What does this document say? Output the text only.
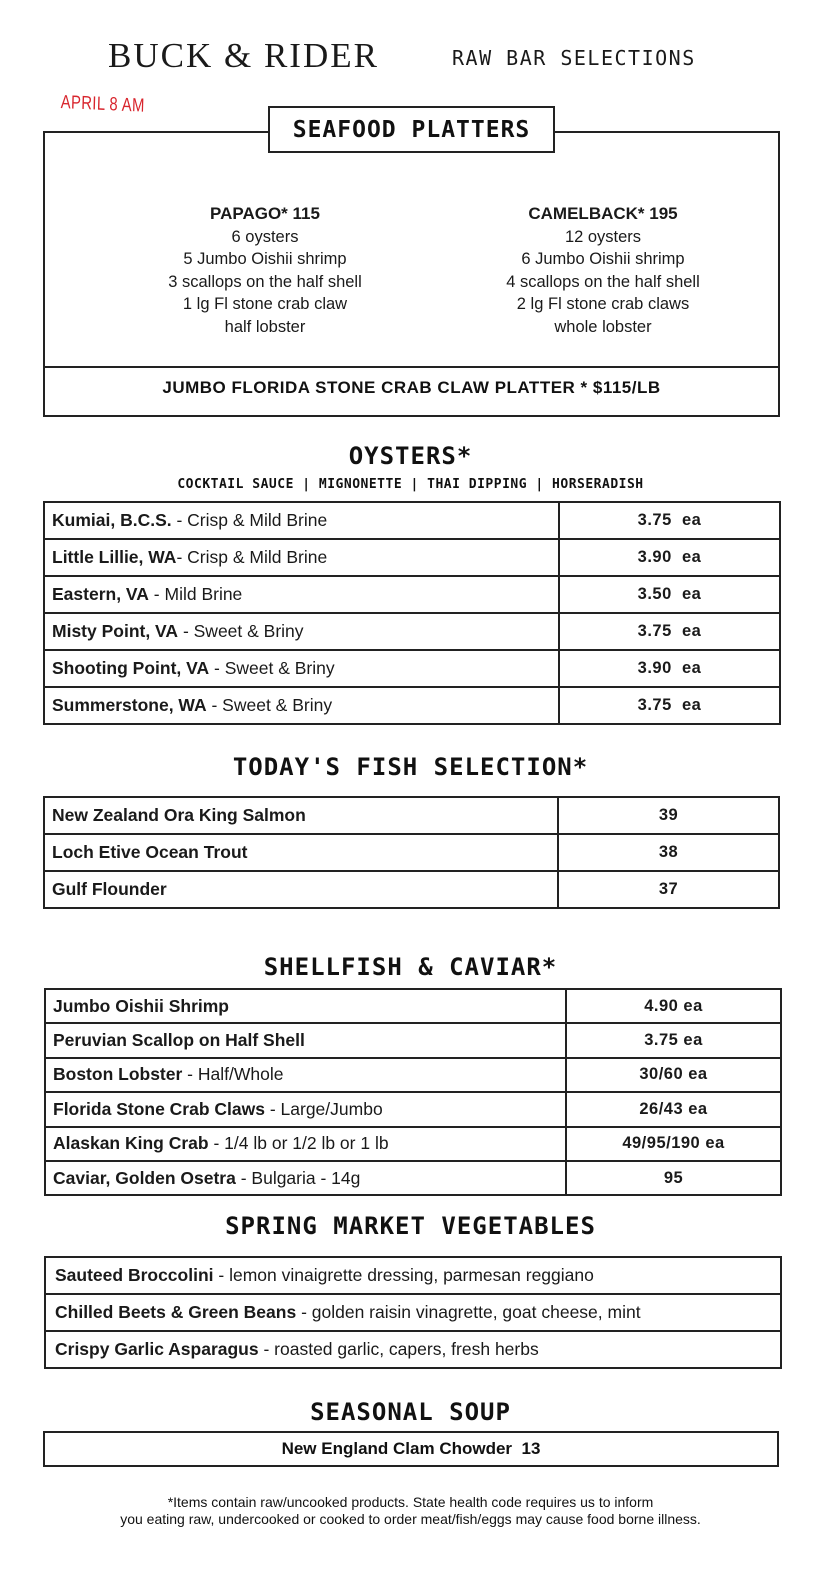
BUCK & RIDER	RAW BAR SELECTIONS
APRIL 8 AM
PAPAGO* 115
6 oysters
5 Jumbo Oishii shrimp
3 scallops on the half shell
1 lg Fl stone crab claw
half lobster
CAMELBACK* 195
12 oysters
6 Jumbo Oishii shrimp
4 scallops on the half shell
2 lg Fl stone crab claws
whole lobster
JUMBO FLORIDA STONE CRAB CLAW PLATTER * $115/LB
SEAFOOD PLATTERS
OYSTERS*
COCKTAIL SAUCE | MIGNONETTE | THAI DIPPING | HORSERADISH
Kumiai, B.C.S. - Crisp & Mild Brine	3.75  ea
Little Lillie, WA- Crisp & Mild Brine	3.90  ea
Eastern, VA - Mild Brine	3.50  ea
Misty Point, VA - Sweet & Briny	3.75  ea
Shooting Point, VA - Sweet & Briny	3.90  ea
Summerstone, WA - Sweet & Briny	3.75  ea
TODAY'S FISH SELECTION*
New Zealand Ora King Salmon	39
Loch Etive Ocean Trout	38
Gulf Flounder	37
SHELLFISH & CAVIAR*
Jumbo Oishii Shrimp	4.90 ea
Peruvian Scallop on Half Shell	3.75 ea
Boston Lobster - Half/Whole	30/60 ea
Florida Stone Crab Claws - Large/Jumbo	26/43 ea
Alaskan King Crab - 1/4 lb or 1/2 lb or 1 lb	49/95/190 ea
Caviar, Golden Osetra - Bulgaria - 14g	95
SPRING MARKET VEGETABLES
Sauteed Broccolini - lemon vinaigrette dressing, parmesan reggiano
Chilled Beets & Green Beans - golden raisin vinagrette, goat cheese, mint
Crispy Garlic Asparagus - roasted garlic, capers, fresh herbs
SEASONAL SOUP
New England Clam Chowder  13
*Items contain raw/uncooked products. State health code requires us to inform
you eating raw, undercooked or cooked to order meat/fish/eggs may cause food borne illness.
